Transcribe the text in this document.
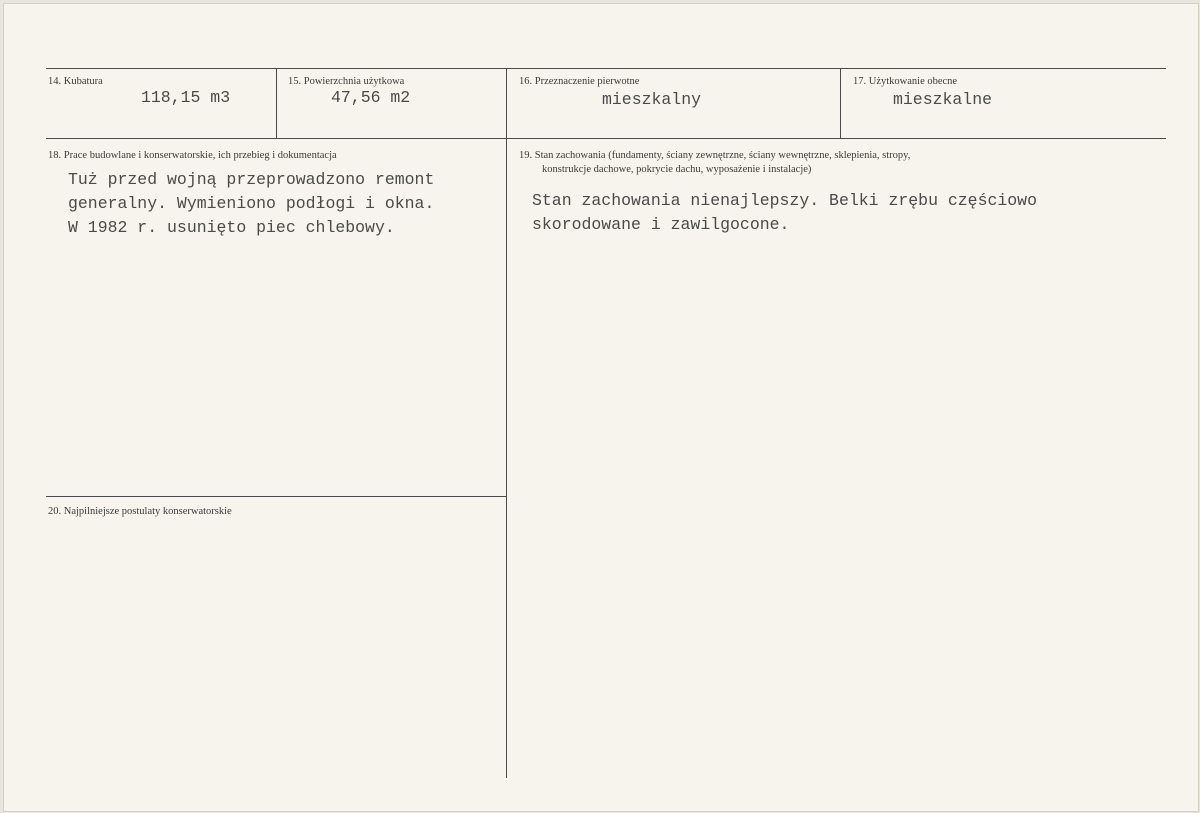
14. Kubatura
118,15 m3
15. Powierzchnia użytkowa
47,56 m2
16. Przeznaczenie pierwotne
mieszkalny
17. Użytkowanie obecne
mieszkalne
18. Prace budowlane i konserwatorskie, ich przebieg i dokumentacja
Tuż przed wojną przeprowadzono remont
generalny. Wymieniono podłogi i okna.
W 1982 r. usunięto piec chlebowy.
19. Stan zachowania (fundamenty, ściany zewnętrzne, ściany wewnętrzne, sklepienia, stropy,
konstrukcje dachowe, pokrycie dachu, wyposażenie i instalacje)
Stan zachowania nienajlepszy. Belki zrębu częściowo
skorodowane i zawilgocone.
20. Najpilniejsze postulaty konserwatorskie
